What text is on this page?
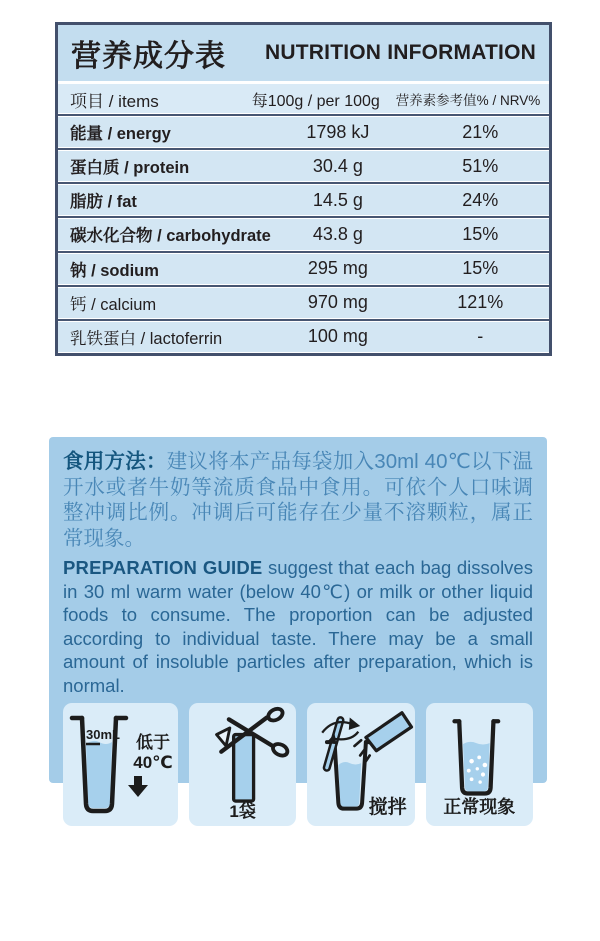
营养成分表 NUTRITION INFORMATION
项目 / items	每100g / per 100g	营养素参考值% / NRV%
能量 / energy	1798 kJ	21%
蛋白质 / protein	30.4 g	51%
脂肪 / fat	14.5 g	24%
碳水化合物 / carbohydrate	43.8 g	15%
钠 / sodium	295 mg	15%
钙 / calcium	970 mg	121%
乳铁蛋白 / lactoferrin	100 mg	-

食用方法：建议将本产品每袋加入30ml 40℃以下温开水或者牛奶等流质食品中食用。可依个人口味调整冲调比例。冲调后可能存在少量不溶颗粒，属正常现象。

PREPARATION GUIDE suggest that each bag dissolves in 30 ml warm water (below 40℃) or milk or other liquid foods to consume. The proportion can be adjusted according to individual taste. There may be a small amount of insoluble particles after preparation, which is normal.

30mL 低于
40℃
1袋	搅拌	正常现象
